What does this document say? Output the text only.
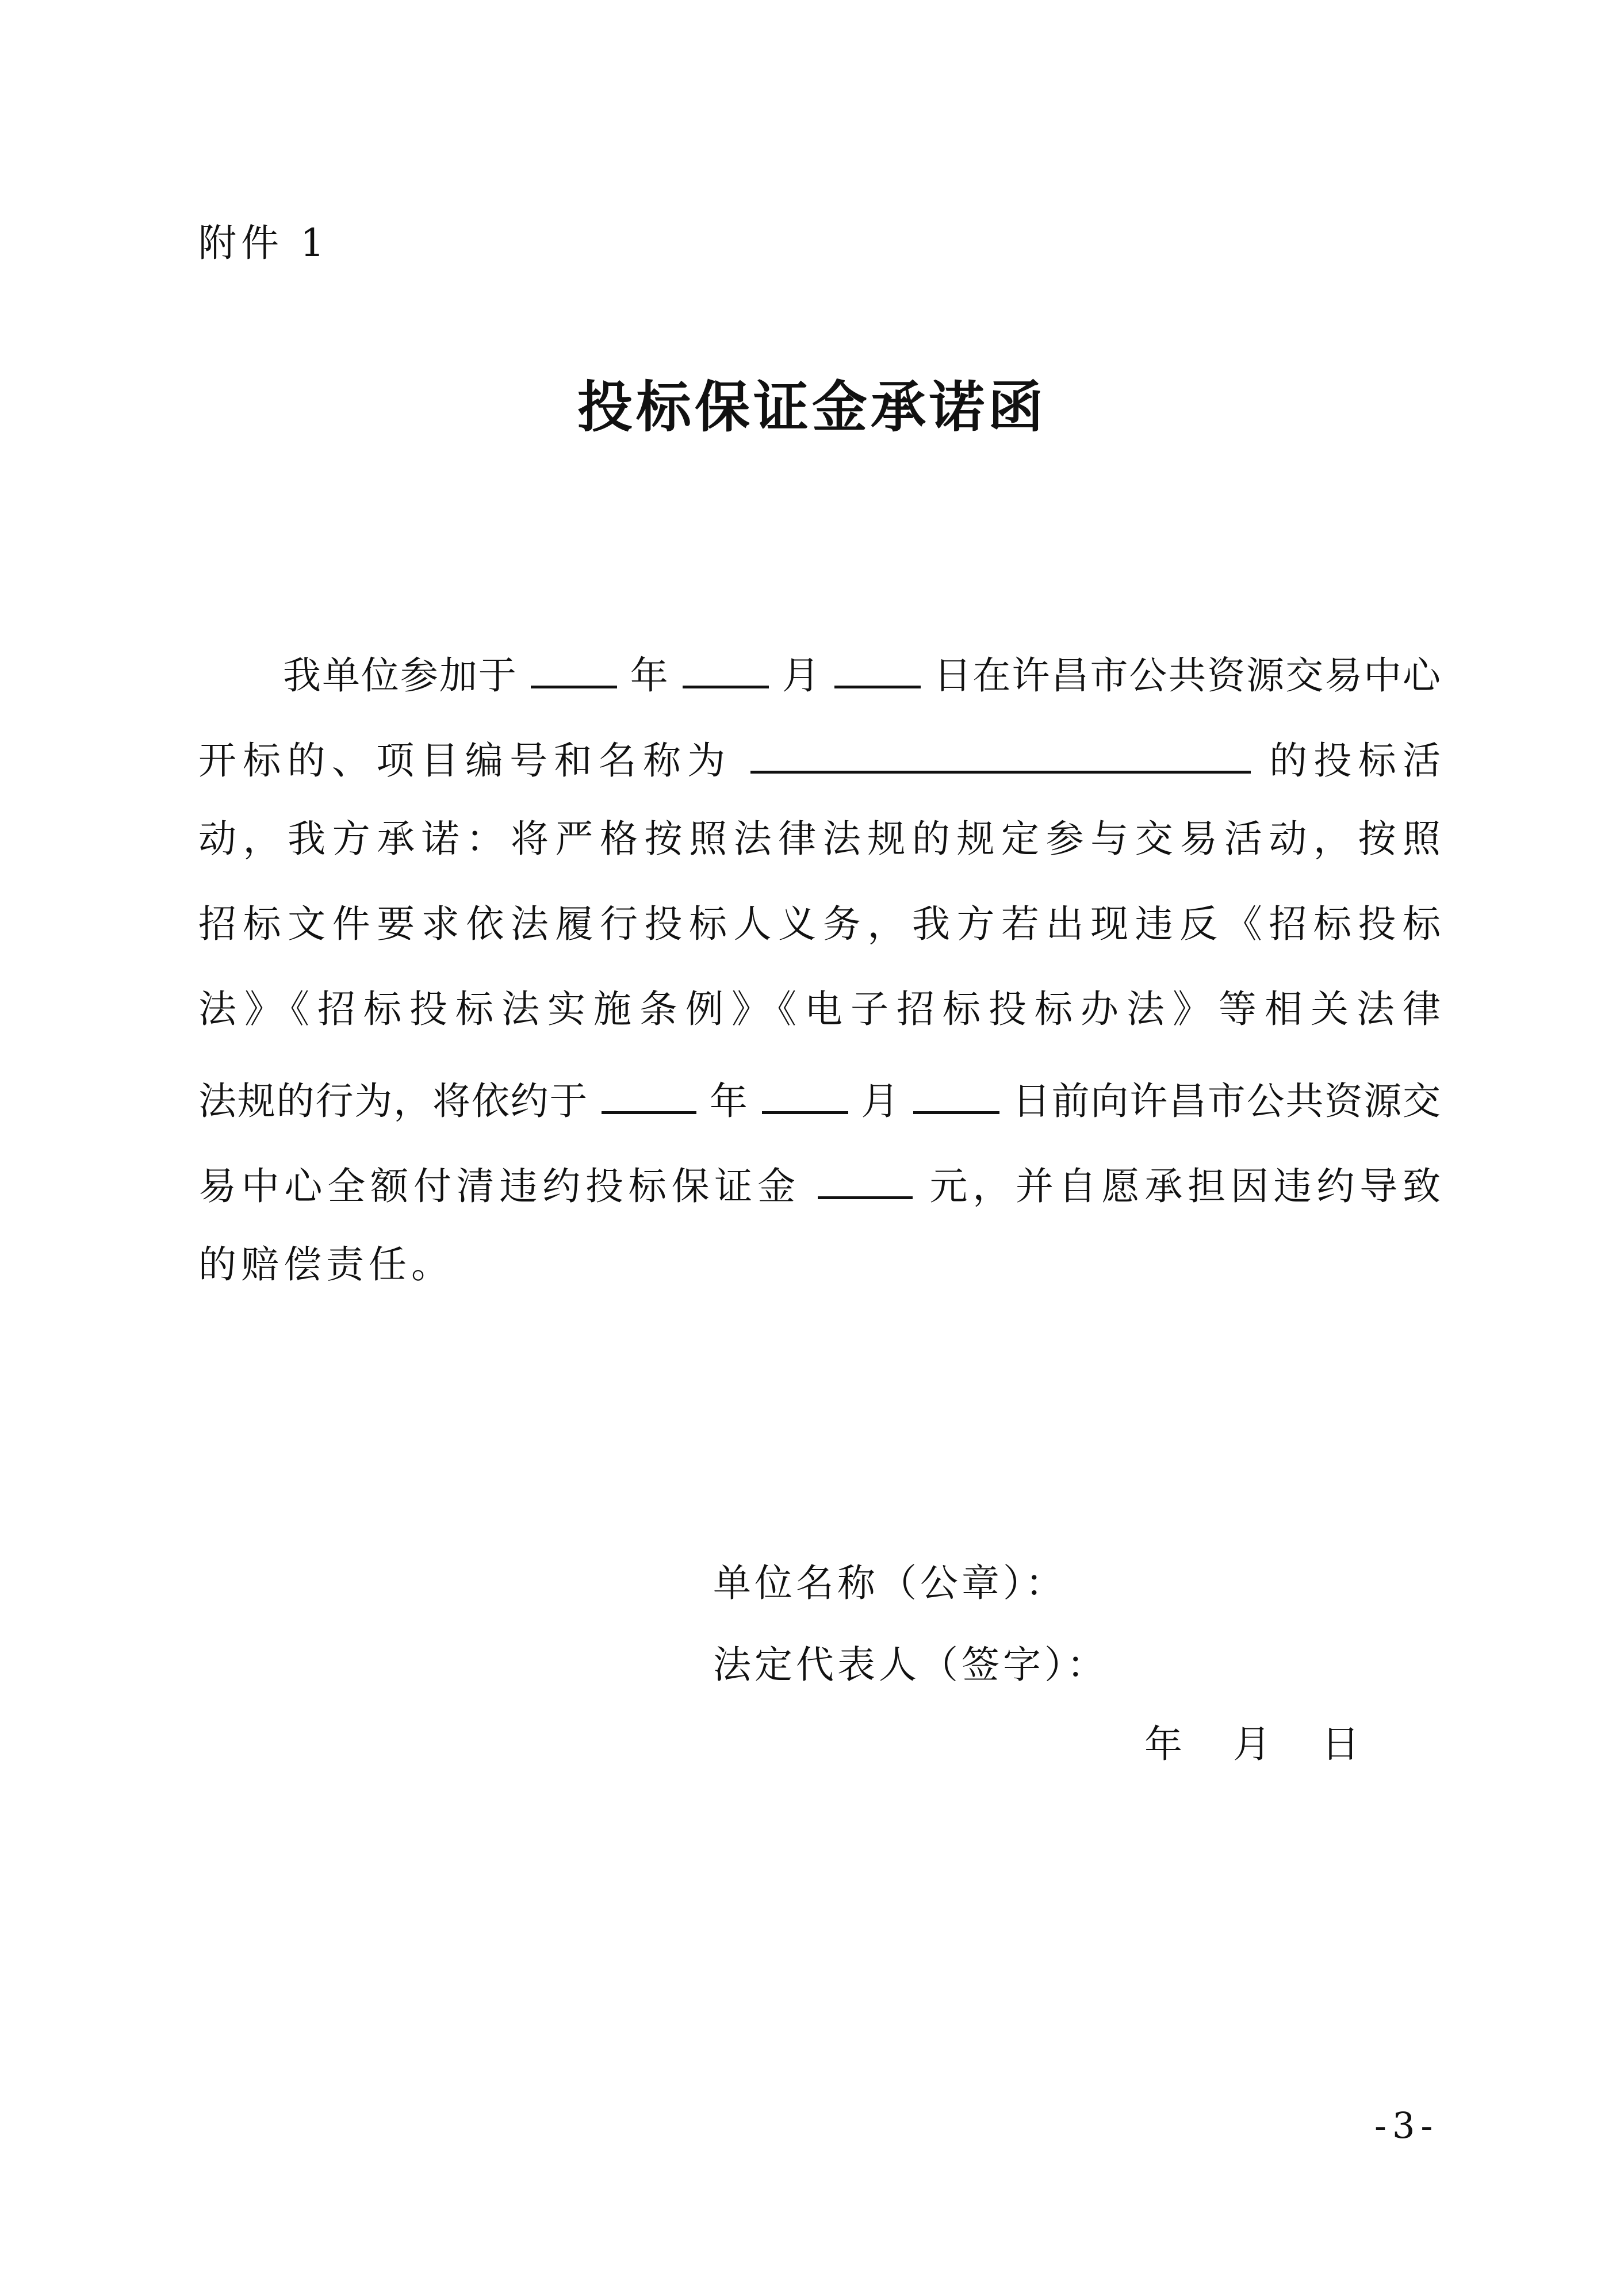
附件 1
投标保证金承诺函
我单位参加于	年	月	日在许昌市公共资源交易中心
开标的、项目编号和名称为	的投标活
动，我方承诺：将严格按照法律法规的规定参与交易活动，按照
招标文件要求依法履行投标人义务，我方若出现违反《招标投标
法》《招标投标法实施条例》《电子招标投标办法》等相关法律
法规的行为，将依约于	年	月	日前向许昌市公共资源交
易中心全额付清违约投标保证金	元，并自愿承担因违约导致
的赔偿责任。
单位名称（公章）：
法定代表人（签字）：
年 月 日
-3-
